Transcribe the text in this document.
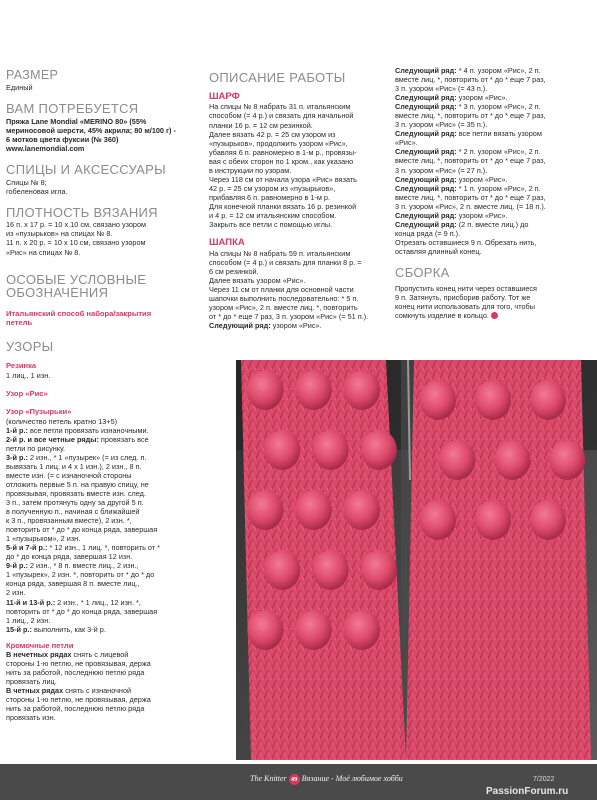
РАЗМЕР

Единый

ВАМ ПОТРЕБУЕТСЯ

Пряжа Lane Mondial «MERINO 80» (55%

мериносовой шерсти, 45% акрила; 80 м/100 г) -

6 мотков цвета фуксии (№ 360)

www.lanemondial.com

СПИЦЫ И АКСЕССУАРЫ

Спицы № 8;

гобеленовая игла.

ПЛОТНОСТЬ ВЯЗАНИЯ

16 п. x 17 р. = 10 x 10 см, связано узором

из «пузырьков» на спицах № 8.

11 п. x 20 р. = 10 x 10 см, связано узором

«Рис» на спицах № 8.

ОСОБЫЕ УСЛОВНЫЕ
ОБОЗНАЧЕНИЯ
Итальянский способ набора/закрытия
петель
УЗОРЫ
Резинка

1 лиц., 1 изн.

Узор «Рис»
Узор «Пузырьки»

(количество петель кратно 13+5)

1-й р.: все петли провязать изнаночными.

2-й р. и все четные ряды: провязать все

петли по рисунку.

3-й р.: 2 изн., * 1 «пузырек» (= из след. п.

вывязать 1 лиц. и 4 x 1 изн.), 2 изн., 8 п.

вместе изн. (= с изнаночной стороны

отложить первые 5 п. на правую спицу, не

провязывая, провязать вместе изн. след.

3 п., затем протянуть одну за другой 5 п.

в полученную п., начиная с ближайшей

к 3 п., провязанным вместе), 2 изн. *,

повторить от * до * до конца ряда, завершая

1 «пузырьком», 2 изн.

5-й и 7-й р.: * 12 изн., 1 лиц. *, повторить от *

до * до конца ряда, завершая 12 изн.

9-й р.: 2 изн., * 8 п. вместе лиц., 2 изн.,

1 «пузырек», 2 изн. *, повторить от * до * до

конца ряда, завершая 8 п. вместе лиц.,

2 изн.

11-й и 13-й р.: 2 изн., * 1 лиц., 12 изн. *,

повторить от * до * до конца ряда, завершая

1 лиц., 2 изн.

15-й р.: выполнить, как 3-й р.

Кромочные петли

В нечетных рядах снять с лицевой

стороны 1-ю петлю, не провязывая, держа

нить за работой, последнюю петлю ряда

провязать лиц.

В четных рядах снять с изнаночной

стороны 1-ю петлю, не провязывая, держа

нить за работой, последнюю петлю ряда

провязать изн.

ОПИСАНИЕ РАБОТЫ
ШАРФ

На спицы № 8 набрать 31 п. итальянским

способом (= 4 р.) и связать для начальной

планки 16 р. = 12 см резинкой.

Далее вязать 42 р. = 25 см узором из

«пузырьков», продолжить узором «Рис»,

убавляя 6 п. равномерно в 1-м р., провязы-

вая с обеих сторон по 1 кром., как указано

в инструкции по узорам.

Через 118 см от начала узора «Рис» вязать

42 р. = 25 см узором из «пузырьков»,

прибавляя 6 п. равномерно в 1-м р.

Для конечной планки вязать 16 р. резинкой

и 4 р. = 12 см итальянским способом.

Закрыть все петли с помощью иглы.

ШАПКА

На спицы № 8 набрать 59 п. итальянским

способом (= 4 р.) и связать для планки 8 р. =

6 см резинкой.

Далее вязать узором «Рис».

Через 11 см от планки для основной части

шапочки выполнить последовательно: * 5 п.

узором «Рис», 2 п. вместе лиц. *, повторить

от * до * еще 7 раз, 3 п. узором «Рис» (= 51 п.).

Следующий ряд: узором «Рис».

Следующий ряд: * 4 п. узором «Рис», 2 п.

вместе лиц. *, повторить от * до * еще 7 раз,

3 п. узором «Рис» (= 43 п.).

Следующий ряд: узором «Рис».

Следующий ряд: * 3 п. узором «Рис», 2 п.

вместе лиц. *, повторить от * до * еще 7 раз,

3 п. узором «Рис» (= 35 п.).

Следующий ряд: все петли вязать узором

«Рис».

Следующий ряд: * 2 п. узором «Рис», 2 п.

вместе лиц. *, повторить от * до * еще 7 раз,

3 п. узором «Рис» (= 27 п.).

Следующий ряд: узором «Рис».

Следующий ряд: * 1 п. узором «Рис», 2 п.

вместе лиц. *, повторить от * до * еще 7 раз,

3 п. узором «Рис», 2 п. вместе лиц. (= 18 п.).

Следующий ряд: узором «Рис».

Следующий ряд: (2 п. вместе лиц.) до

конца ряда (= 9 п.).

Отрезать оставшиеся 9 п. Обрезать нить,

оставляя длинный конец.

СБОРКА

Пропустить конец нити через оставшиеся

9 п. Затянуть, присборив работу. Тот же

конец нити использовать для того, чтобы

сомкнуть изделие в кольцо.

The Knitter 49 Вязание - Моё любимое хобби	7/2022
PassionForum.ru
